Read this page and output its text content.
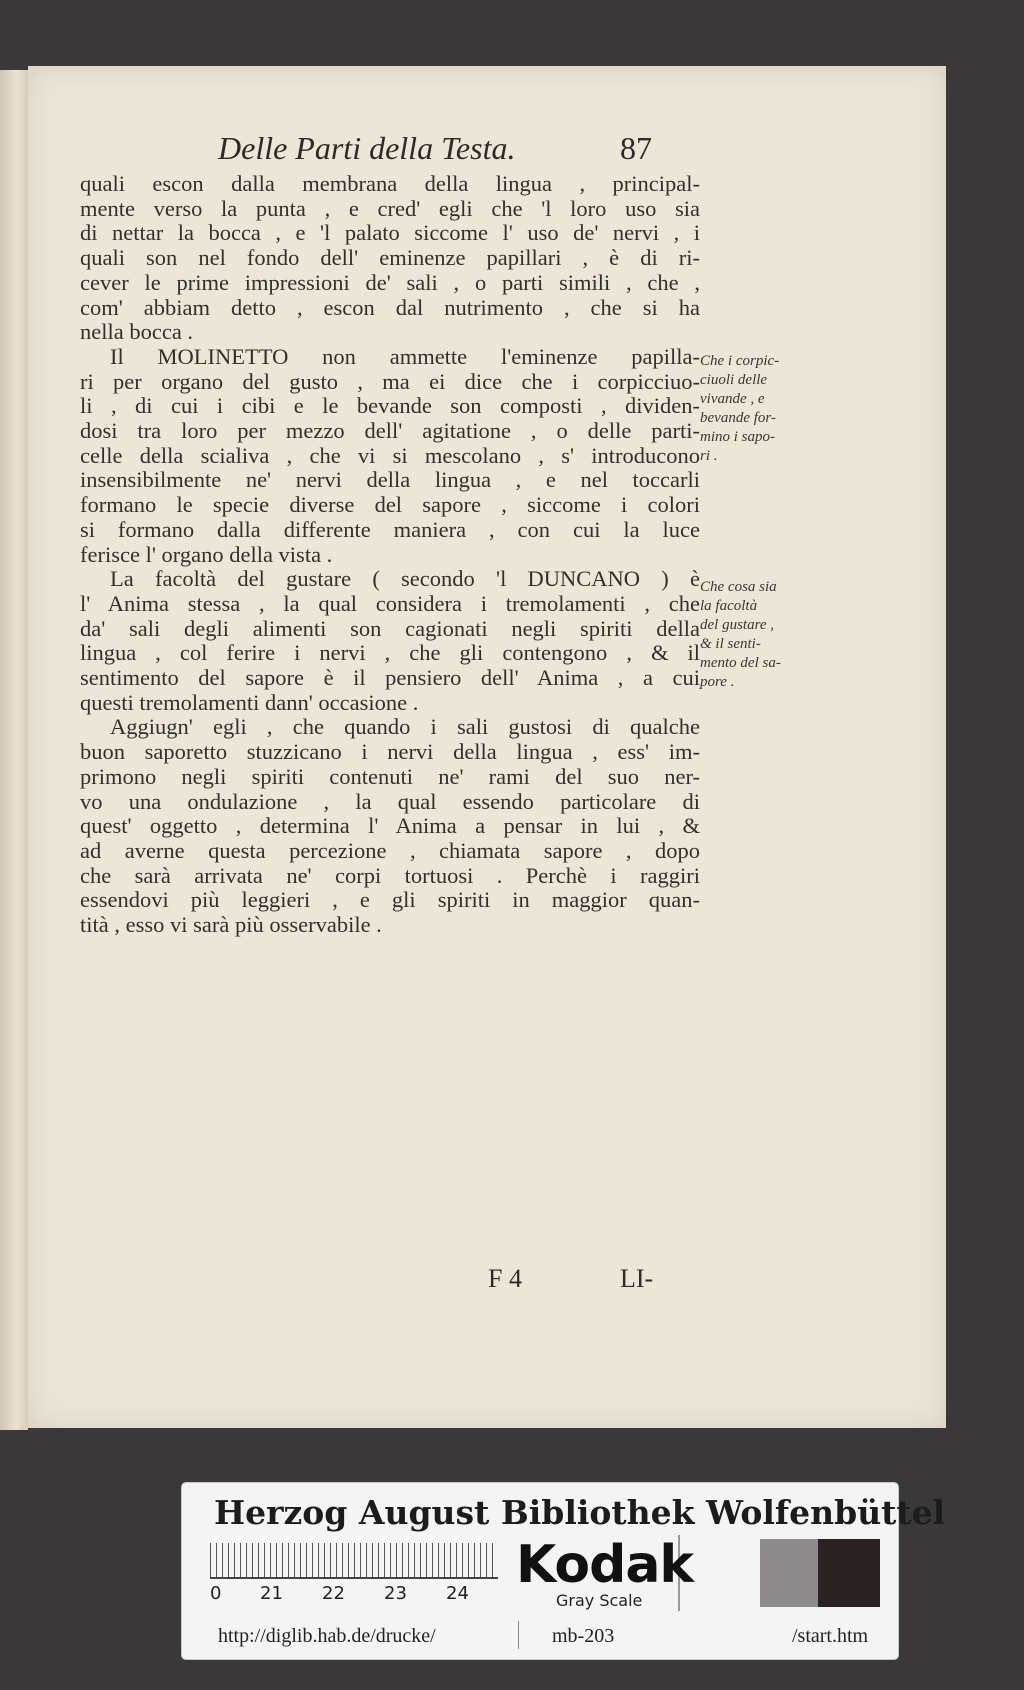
Delle Parti della Testa.	87
quali escon dalla membrana della lingua , principal-
mente verso la punta , e cred' egli che 'l loro uso sia
di nettar la bocca , e 'l palato siccome l' uso de' nervi , i
quali son nel fondo dell' eminenze papillari , è di ri-
cever le prime impressioni de' sali , o parti simili , che ,
com' abbiam detto , escon dal nutrimento , che si ha
nella bocca .
Il MOLINETTO non ammette l'eminenze papilla-
ri per organo del gusto , ma ei dice che i corpicciuo-
li , di cui i cibi e le bevande son composti , dividen-
dosi tra loro per mezzo dell' agitatione , o delle parti-
celle della scialiva , che vi si mescolano , s' introducono
insensibilmente ne' nervi della lingua , e nel toccarli
formano le specie diverse del sapore , siccome i colori
si formano dalla differente maniera , con cui la luce
ferisce l' organo della vista .
La facoltà del gustare ( secondo 'l DUNCANO ) è
l' Anima stessa , la qual considera i tremolamenti , che
da' sali degli alimenti son cagionati negli spiriti della
lingua , col ferire i nervi , che gli contengono , & il
sentimento del sapore è il pensiero dell' Anima , a cui
questi tremolamenti dann' occasione .
Aggiugn' egli , che quando i sali gustosi di qualche
buon saporetto stuzzicano i nervi della lingua , ess' im-
primono negli spiriti contenuti ne' rami del suo ner-
vo una ondulazione , la qual essendo particolare di
quest' oggetto , determina l' Anima a pensar in lui , &
ad averne questa percezione , chiamata sapore , dopo
che sarà arrivata ne' corpi tortuosi . Perchè i raggiri
essendovi più leggieri , e gli spiriti in maggior quan-
tità , esso vi sarà più osservabile .
Che i corpic-
ciuoli delle
vivande , e
bevande for-
mino i sapo-
ri .
Che cosa sia
la facoltà
del gustare ,
& il senti-
mento del sa-
pore .
F 4	LI-
Herzog August Bibliothek Wolfenbüttel
0 21 22 23 24 Kodak
Gray Scale
http://diglib.hab.de/drucke/	mb-203	/start.htm
